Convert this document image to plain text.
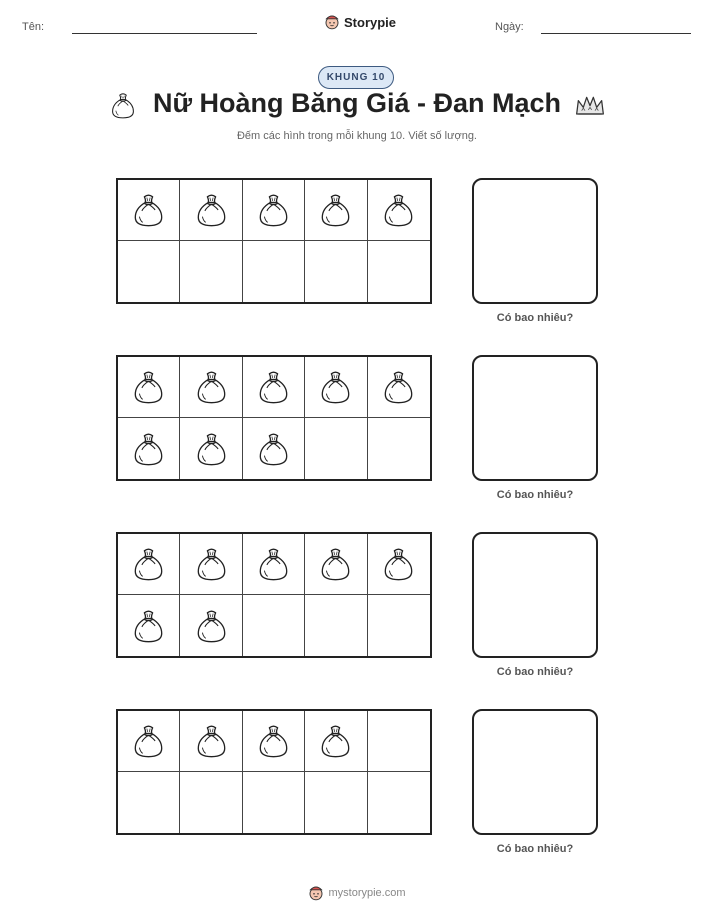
Tên:	Storypie	Ngày:
KHUNG 10
Nữ Hoàng Băng Giá - Đan Mạch
Đếm các hình trong mỗi khung 10. Viết số lượng.
Có bao nhiêu?
Có bao nhiêu?
Có bao nhiêu?
Có bao nhiêu?
mystorypie.com
